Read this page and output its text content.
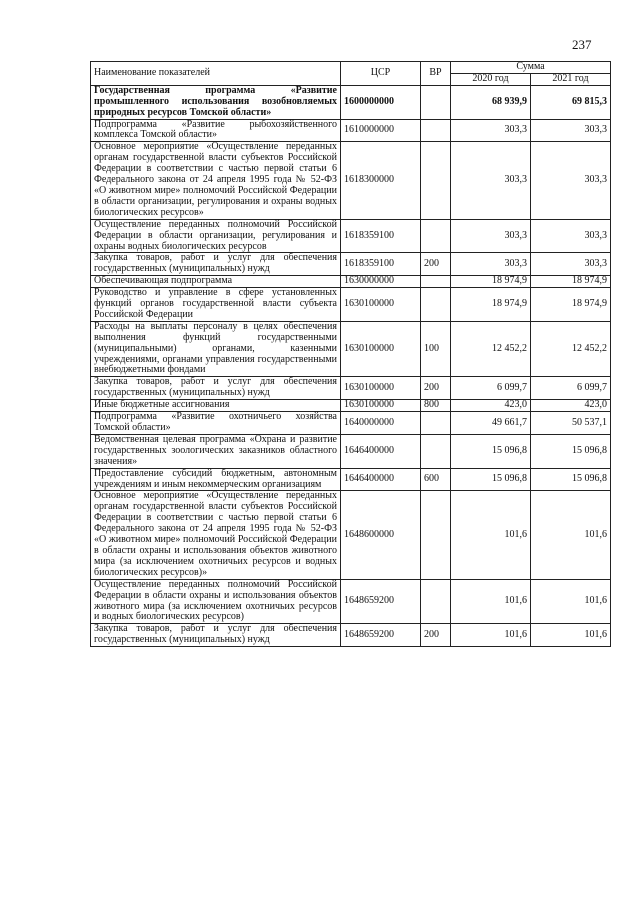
237
Наименование показателей	ЦСР	ВР	Сумма	
			2020 год	2021 год
Государственная программа «Развитие промышленного использования возобновляемых природных ресурсов Томской области»	1600000000		68 939,9	69 815,3
Подпрограмма «Развитие рыбохозяйственного комплекса Томской области»	1610000000		303,3	303,3
Основное мероприятие «Осуществление переданных органам государственной власти субъектов Российской Федерации в соответствии с частью первой статьи 6 Федерального закона от 24 апреля 1995 года № 52-ФЗ «О животном мире» полномочий Российской Федерации в области организации, регулирования и охраны водных биологических ресурсов»	1618300000		303,3	303,3
Осуществление переданных полномочий Российской Федерации в области организации, регулирования и охраны водных биологических ресурсов	1618359100		303,3	303,3
Закупка товаров, работ и услуг для обеспечения государственных (муниципальных) нужд	1618359100	200	303,3	303,3
Обеспечивающая подпрограмма	1630000000		18 974,9	18 974,9
Руководство и управление в сфере установленных функций органов государственной власти субъекта Российской Федерации	1630100000		18 974,9	18 974,9
Расходы на выплаты персоналу в целях обеспечения выполнения функций государственными (муниципальными) органами, казенными учреждениями, органами управления государственными внебюджетными фондами	1630100000	100	12 452,2	12 452,2
Закупка товаров, работ и услуг для обеспечения государственных (муниципальных) нужд	1630100000	200	6 099,7	6 099,7
Иные бюджетные ассигнования	1630100000	800	423,0	423,0
Подпрограмма «Развитие охотничьего хозяйства Томской области»	1640000000		49 661,7	50 537,1
Ведомственная целевая программа «Охрана и развитие государственных зоологических заказников областного значения»	1646400000		15 096,8	15 096,8
Предоставление субсидий бюджетным, автономным учреждениям и иным некоммерческим организациям	1646400000	600	15 096,8	15 096,8
Основное мероприятие «Осуществление переданных органам государственной власти субъектов Российской Федерации в соответствии с частью первой статьи 6 Федерального закона от 24 апреля 1995 года № 52-ФЗ «О животном мире» полномочий Российской Федерации в области охраны и использования объектов животного мира (за исключением охотничьих ресурсов и водных биологических ресурсов)»	1648600000		101,6	101,6
Осуществление переданных полномочий Российской Федерации в области охраны и использования объектов животного мира (за исключением охотничьих ресурсов и водных биологических ресурсов)	1648659200		101,6	101,6
Закупка товаров, работ и услуг для обеспечения государственных (муниципальных) нужд	1648659200	200	101,6	101,6
